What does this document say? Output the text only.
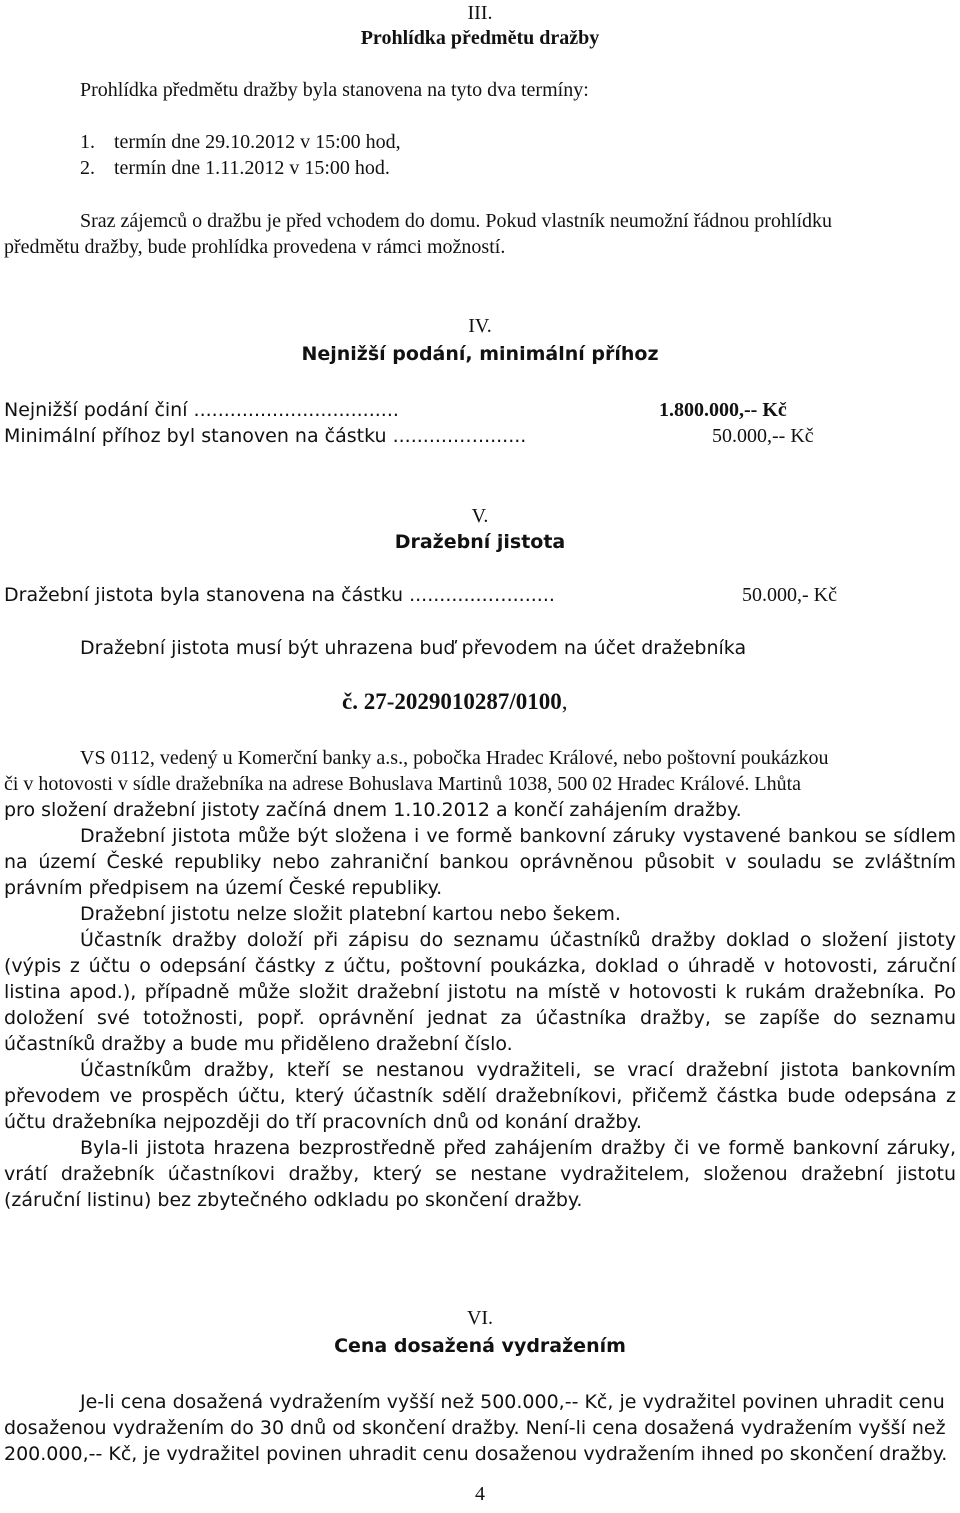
III.
Prohlídka předmětu dražby
Prohlídka předmětu dražby byla stanovena na tyto dva termíny:
1. termín dne 29.10.2012 v 15:00 hod,
2. termín dne 1.11.2012 v 15:00 hod.
Sraz zájemců o dražbu je před vchodem do domu. Pokud vlastník neumožní řádnou prohlídku
předmětu dražby, bude prohlídka provedena v rámci možností.
IV.
Nejnižší podání, minimální příhoz
Nejnižší podání činí ..................................	1.800.000,-- Kč
Minimální příhoz byl stanoven na částku ...........…........	50.000,-- Kč
V.
Dražební jistota
Dražební jistota byla stanovena na částku .............…........	50.000,- Kč
Dražební jistota musí být uhrazena buď převodem na účet dražebníka
č. 27-2029010287/0100,

VS 0112, vedený u Komerční banky a.s., pobočka Hradec Králové, nebo poštovní poukázkou

či v hotovosti v sídle dražebníka na adrese Bohuslava Martinů 1038, 500 02 Hradec Králové. Lhůta

pro složení dražební jistoty začíná dnem 1.10.2012 a končí zahájením dražby.

Dražební jistota může být složena i ve formě bankovní záruky vystavené bankou se sídlem na území České republiky nebo zahraniční bankou oprávněnou působit v souladu se zvláštním právním předpisem na území České republiky.

Dražební jistotu nelze složit platební kartou nebo šekem.

Účastník dražby doloží při zápisu do seznamu účastníků dražby doklad o složení jistoty (výpis z účtu o odepsání částky z účtu, poštovní poukázka, doklad o úhradě v hotovosti, záruční listina apod.), případně může složit dražební jistotu na místě v hotovosti k rukám dražebníka. Po doložení své totožnosti, popř. oprávnění jednat za účastníka dražby, se zapíše do seznamu účastníků dražby a bude mu přiděleno dražební číslo.

Účastníkům dražby, kteří se nestanou vydražiteli, se vrací dražební jistota bankovním převodem ve prospěch účtu, který účastník sdělí dražebníkovi, přičemž částka bude odepsána z účtu dražebníka nejpozději do tří pracovních dnů od konání dražby.

Byla-li jistota hrazena bezprostředně před zahájením dražby či ve formě bankovní záruky, vrátí dražebník účastníkovi dražby, který se nestane vydražitelem, složenou dražební jistotu (záruční listinu) bez zbytečného odkladu po skončení dražby.

VI.
Cena dosažená vydražením

Je-li cena dosažená vydražením vyšší než 500.000,-- Kč, je vydražitel povinen uhradit cenu

dosaženou vydražením do 30 dnů od skončení dražby. Není-li cena dosažená vydražením vyšší než

200.000,-- Kč, je vydražitel povinen uhradit cenu dosaženou vydražením ihned po skončení dražby.

4
